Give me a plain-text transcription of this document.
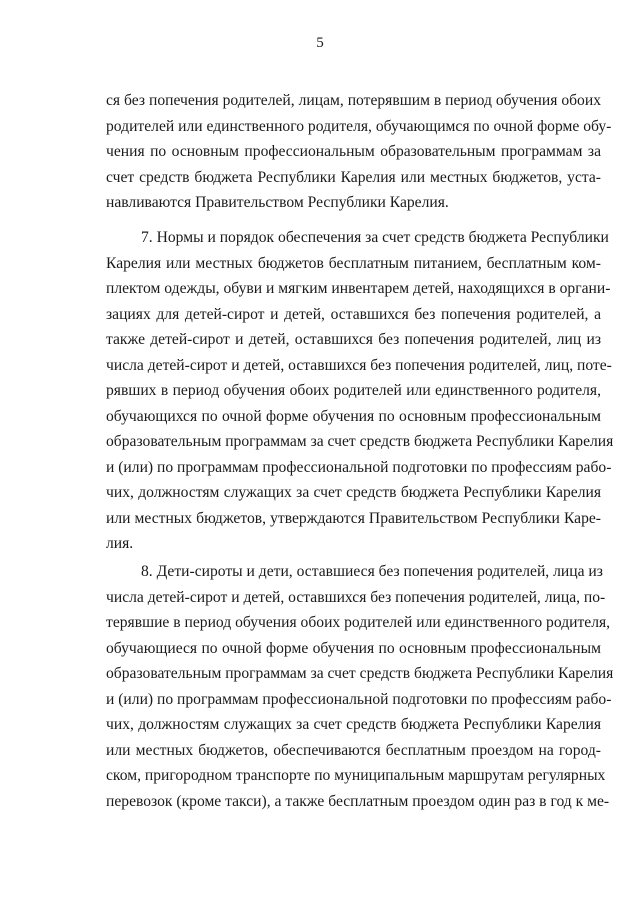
5
ся без попечения родителей, лицам, потерявшим в период обучения обоих
родителей или единственного родителя, обучающимся по очной форме обу-
чения по основным профессиональным образовательным программам за
счет средств бюджета Республики Карелия или местных бюджетов, уста-
навливаются Правительством Республики Карелия.
7. Нормы и порядок обеспечения за счет средств бюджета Республики
Карелия или местных бюджетов бесплатным питанием, бесплатным ком-
плектом одежды, обуви и мягким инвентарем детей, находящихся в органи-
зациях для детей-сирот и детей, оставшихся без попечения родителей, а
также детей-сирот и детей, оставшихся без попечения родителей, лиц из
числа детей-сирот и детей, оставшихся без попечения родителей, лиц, поте-
рявших в период обучения обоих родителей или единственного родителя,
обучающихся по очной форме обучения по основным профессиональным
образовательным программам за счет средств бюджета Республики Карелия
и (или) по программам профессиональной подготовки по профессиям рабо-
чих, должностям служащих за счет средств бюджета Республики Карелия
или местных бюджетов, утверждаются Правительством Республики Каре-
лия.
8. Дети-сироты и дети, оставшиеся без попечения родителей, лица из
числа детей-сирот и детей, оставшихся без попечения родителей, лица, по-
терявшие в период обучения обоих родителей или единственного родителя,
обучающиеся по очной форме обучения по основным профессиональным
образовательным программам за счет средств бюджета Республики Карелия
и (или) по программам профессиональной подготовки по профессиям рабо-
чих, должностям служащих за счет средств бюджета Республики Карелия
или местных бюджетов, обеспечиваются бесплатным проездом на город-
ском, пригородном транспорте по муниципальным маршрутам регулярных
перевозок (кроме такси), а также бесплатным проездом один раз в год к ме-
